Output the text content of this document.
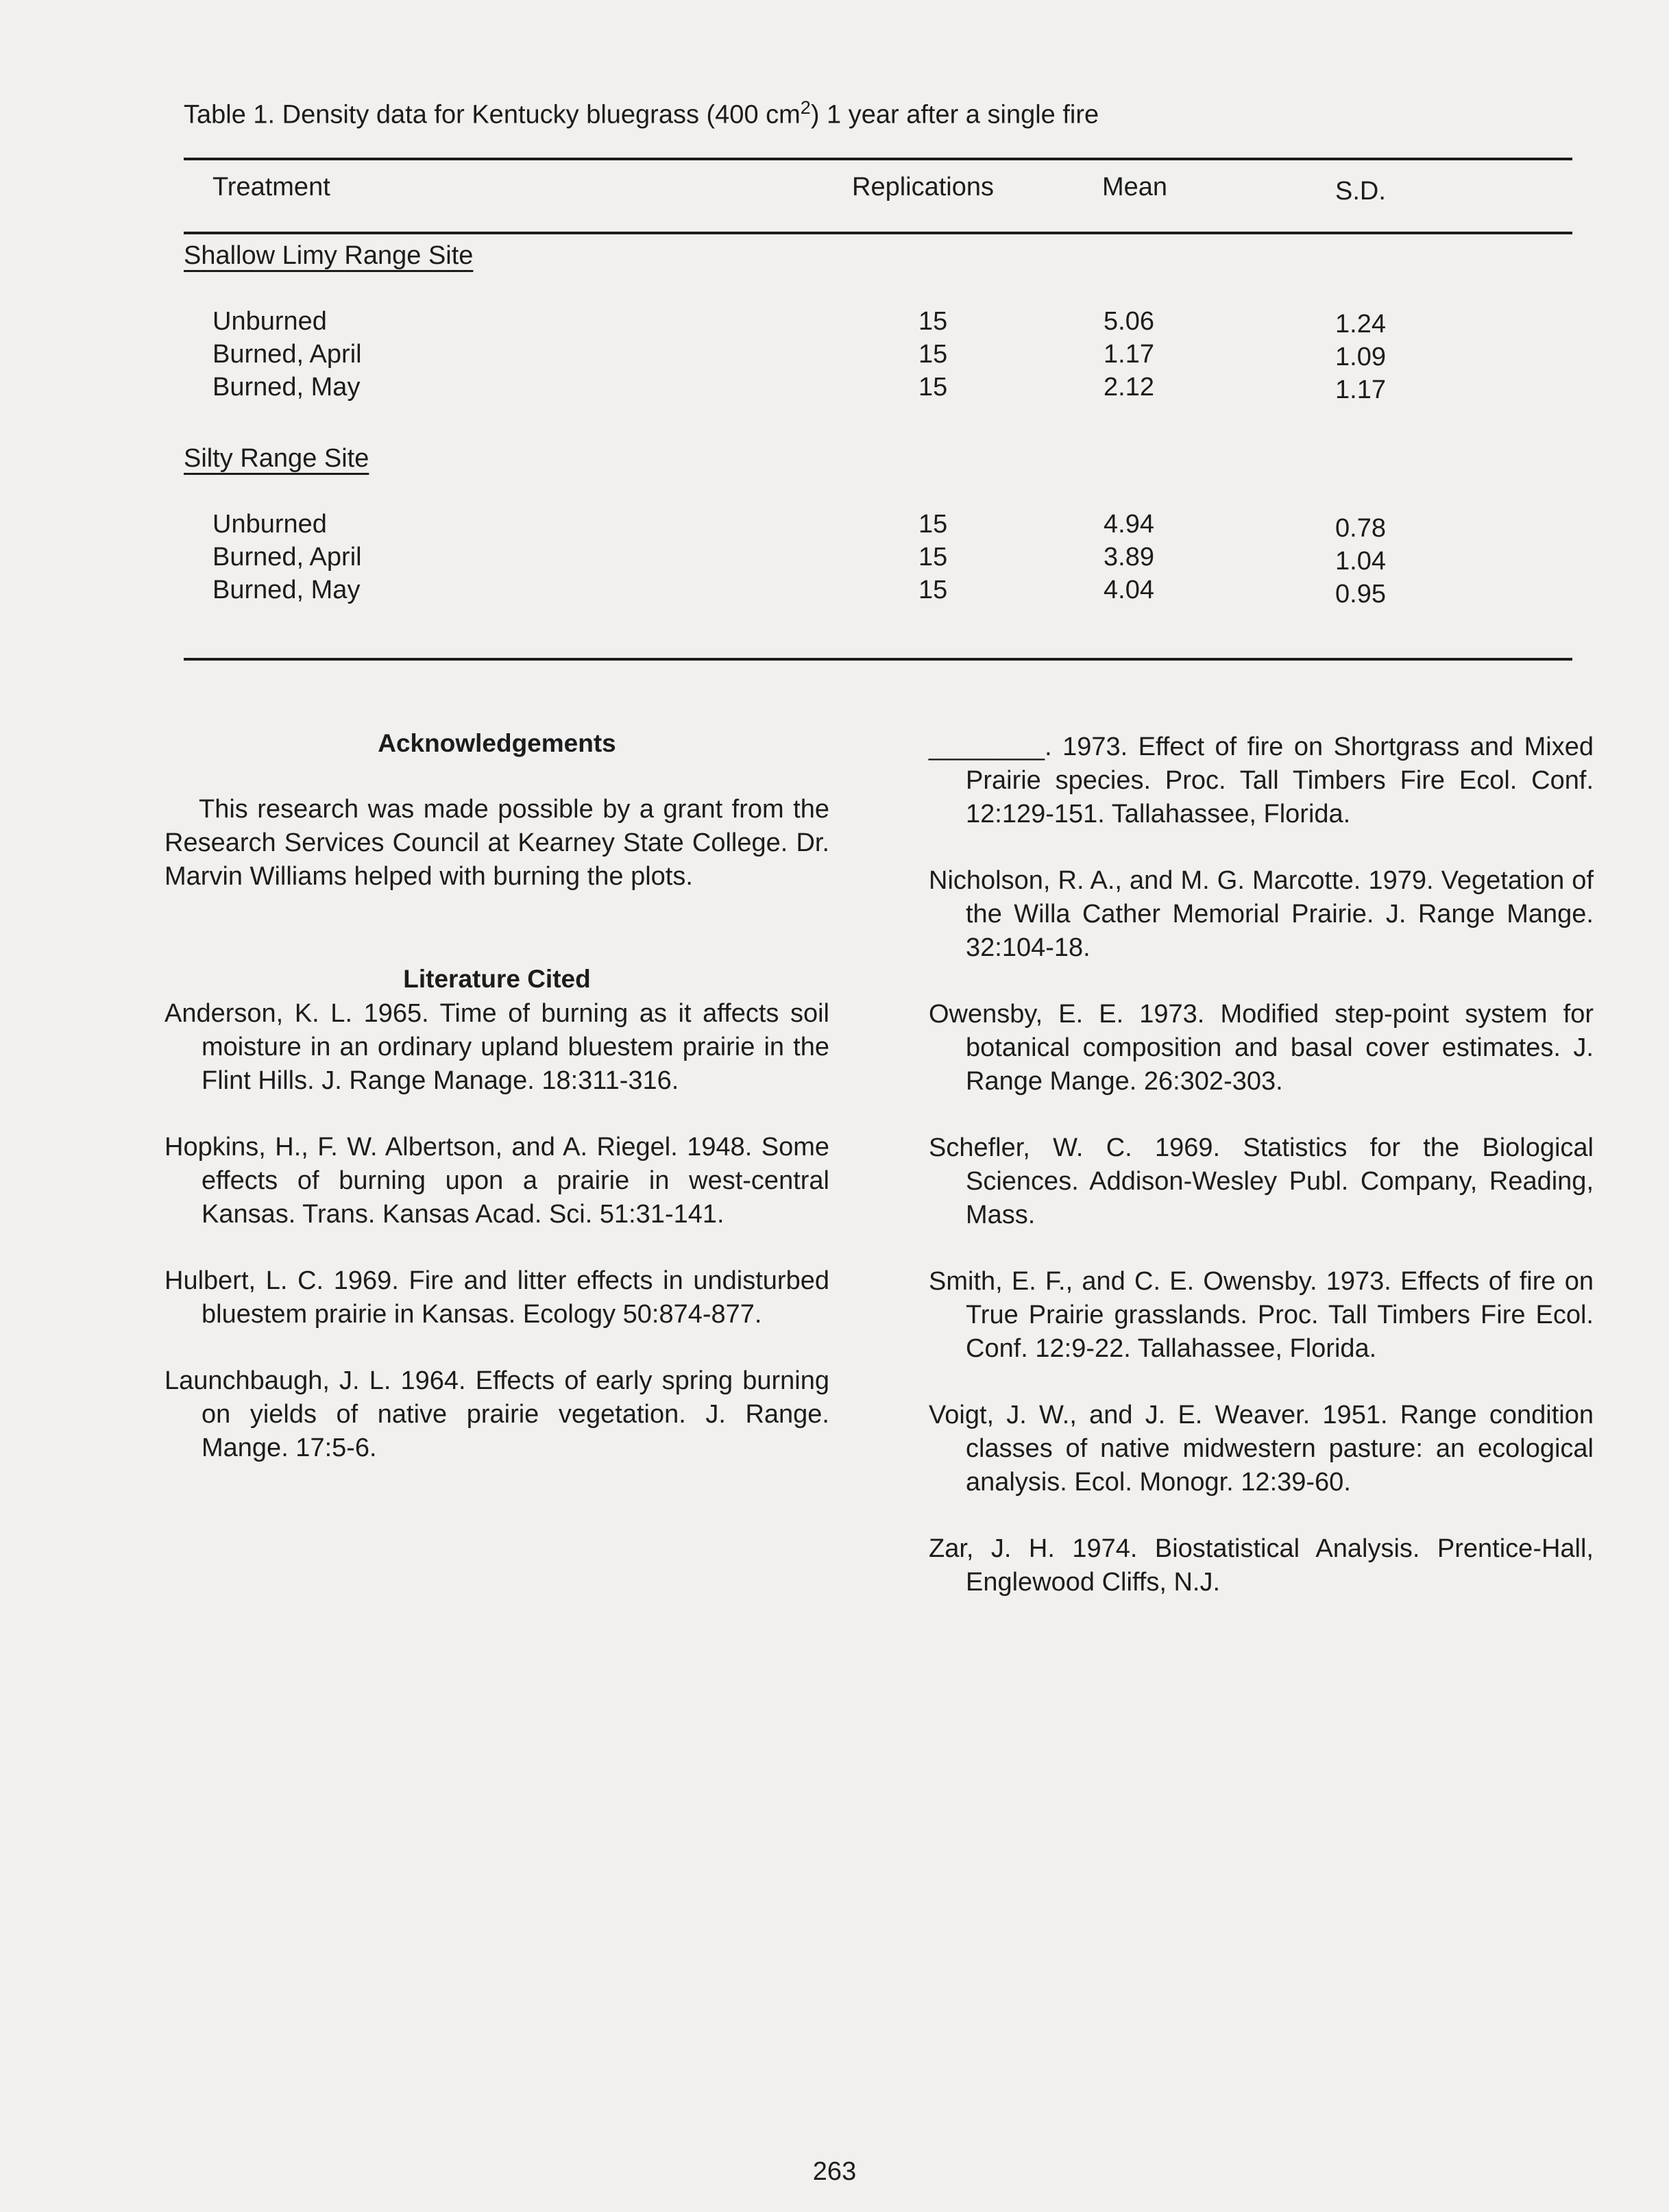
Table 1. Density data for Kentucky bluegrass (400 $cm^2$) 1 year after a single fire
Treatment	Replications	Mean	S.D.
Shallow Limy Range Site
Unburned	15	5.06	1.24
Burned, April	15	1.17	1.09
Burned, May	15	2.12	1.17
Silty Range Site
Unburned	15	4.94	0.78
Burned, April	15	3.89	1.04
Burned, May	15	4.04	0.95
Acknowledgements
This research was made possible by a grant from the Research Services Council at Kearney State College. Dr. Marvin Williams helped with burning the plots.
Literature Cited
Anderson, K. L. 1965. Time of burning as it affects soil moisture in an ordinary upland bluestem prairie in the Flint Hills. J. Range Manage. 18:311-316.
Hopkins, H., F. W. Albertson, and A. Riegel. 1948. Some effects of burning upon a prairie in west-central Kansas. Trans. Kansas Acad. Sci. 51:31-141.
Hulbert, L. C. 1969. Fire and litter effects in undisturbed bluestem prairie in Kansas. Ecology 50:874-877.
Launchbaugh, J. L. 1964. Effects of early spring burning on yields of native prairie vegetation. J. Range. Mange. 17:5-6.
________. 1973. Effect of fire on Shortgrass and Mixed Prairie species. Proc. Tall Timbers Fire Ecol. Conf. 12:129-151. Tallahassee, Florida.
Nicholson, R. A., and M. G. Marcotte. 1979. Vegetation of the Willa Cather Memorial Prairie. J. Range Mange. 32:104-18.
Owensby, E. E. 1973. Modified step-point system for botanical composition and basal cover estimates. J. Range Mange. 26:302-303.
Schefler, W. C. 1969. Statistics for the Biological Sciences. Addison-Wesley Publ. Company, Reading, Mass.
Smith, E. F., and C. E. Owensby. 1973. Effects of fire on True Prairie grasslands. Proc. Tall Timbers Fire Ecol. Conf. 12:9-22. Tallahassee, Florida.
Voigt, J. W., and J. E. Weaver. 1951. Range condition classes of native midwestern pasture: an ecological analysis. Ecol. Monogr. 12:39-60.
Zar, J. H. 1974. Biostatistical Analysis. Prentice-Hall, Englewood Cliffs, N.J.
263
